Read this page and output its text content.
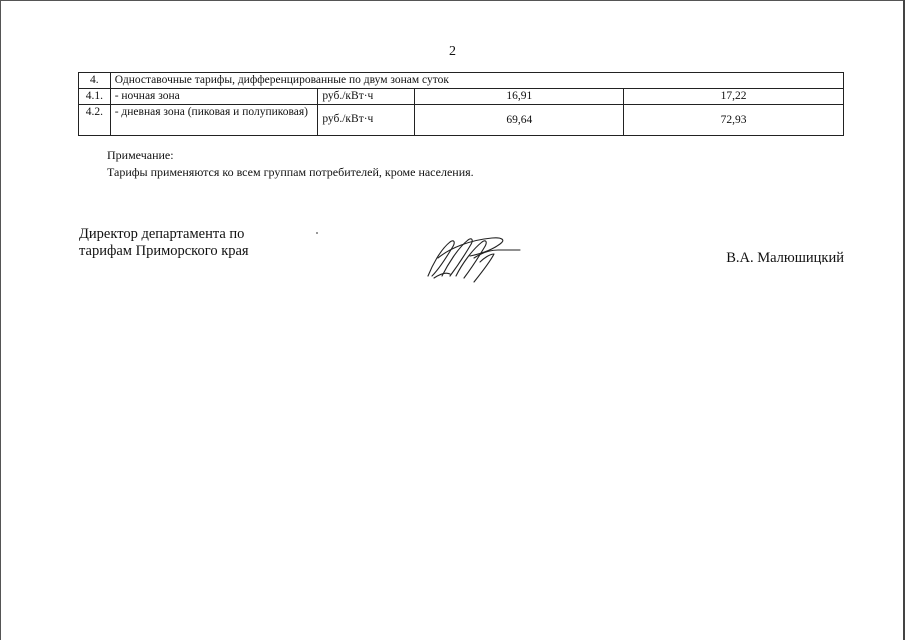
2
4.	Одноставочные тарифы, дифференцированные по двум зонам суток			
4.1.	- ночная зона	руб./кВт·ч	16,91	17,22
4.2.	- дневная зона (пиковая и полупиковая)	руб./кВт·ч	69,64	72,93
Примечание:
Тарифы применяются ко всем группам потребителей, кроме населения.
Директор департамента по
тарифам Приморского края	В.А. Малюшицкий
